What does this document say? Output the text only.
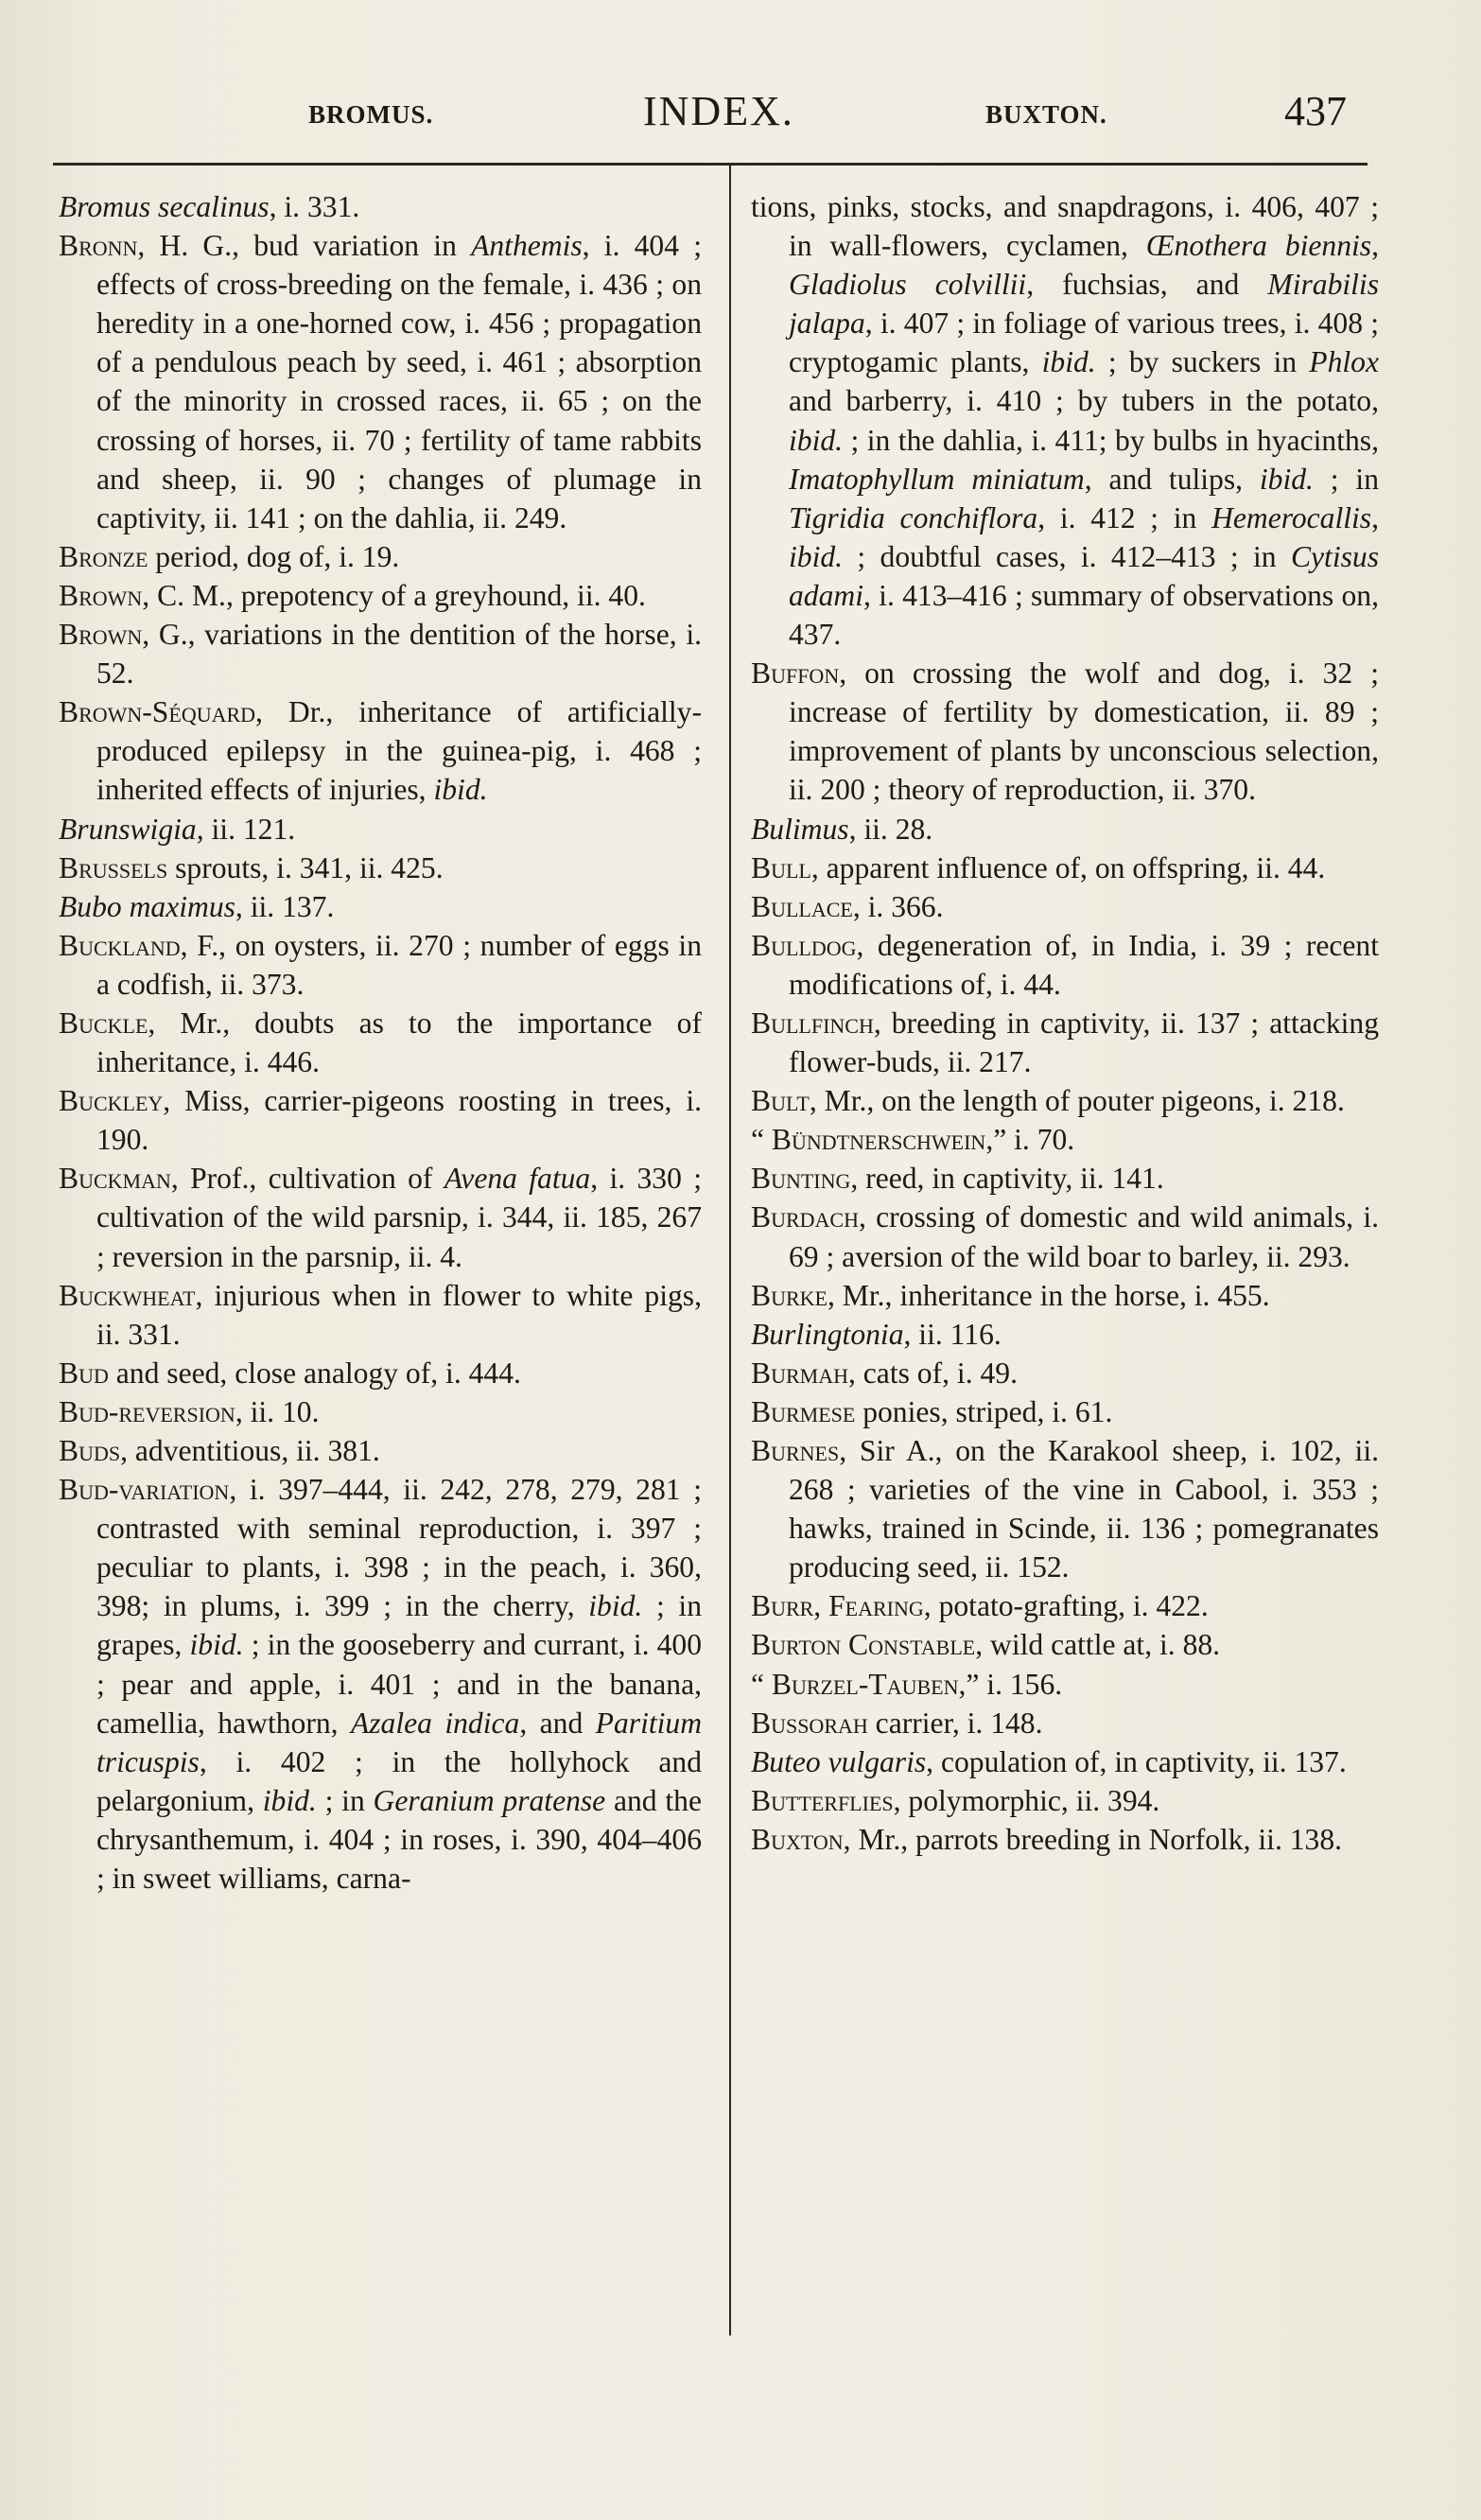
BROMUS.	INDEX.	BUXTON.	437

Bromus secalinus, i. 331.

Bronn, H. G., bud variation in Anthemis, i. 404 ; effects of cross-breeding on the female, i. 436 ; on heredity in a one-horned cow, i. 456 ; propagation of a pendulous peach by seed, i. 461 ; absorption of the minority in crossed races, ii. 65 ; on the crossing of horses, ii. 70 ; fertility of tame rabbits and sheep, ii. 90 ; changes of plumage in captivity, ii. 141 ; on the dahlia, ii. 249.

Bronze period, dog of, i. 19.

Brown, C. M., prepotency of a greyhound, ii. 40.

Brown, G., variations in the dentition of the horse, i. 52.

Brown-Séquard, Dr., inheritance of artificially-produced epilepsy in the guinea-pig, i. 468 ; inherited effects of injuries, ibid.

Brunswigia, ii. 121.

Brussels sprouts, i. 341, ii. 425.

Bubo maximus, ii. 137.

Buckland, F., on oysters, ii. 270 ; number of eggs in a codfish, ii. 373.

Buckle, Mr., doubts as to the importance of inheritance, i. 446.

Buckley, Miss, carrier-pigeons roosting in trees, i. 190.

Buckman, Prof., cultivation of Avena fatua, i. 330 ; cultivation of the wild parsnip, i. 344, ii. 185, 267 ; reversion in the parsnip, ii. 4.

Buckwheat, injurious when in flower to white pigs, ii. 331.

Bud and seed, close analogy of, i. 444.

Bud-reversion, ii. 10.

Buds, adventitious, ii. 381.

Bud-variation, i. 397–444, ii. 242, 278, 279, 281 ; contrasted with seminal reproduction, i. 397 ; peculiar to plants, i. 398 ; in the peach, i. 360, 398; in plums, i. 399 ; in the cherry, ibid. ; in grapes, ibid. ; in the gooseberry and currant, i. 400 ; pear and apple, i. 401 ; and in the banana, camellia, hawthorn, Azalea indica, and Paritium tricuspis, i. 402 ; in the hollyhock and pelargonium, ibid. ; in Geranium pratense and the chrysanthemum, i. 404 ; in roses, i. 390, 404–406 ; in sweet williams, carna-

tions, pinks, stocks, and snapdragons, i. 406, 407 ; in wall-flowers, cyclamen, Œnothera biennis, Gladiolus colvillii, fuchsias, and Mirabilis jalapa, i. 407 ; in foliage of various trees, i. 408 ; cryptogamic plants, ibid. ; by suckers in Phlox and barberry, i. 410 ; by tubers in the potato, ibid. ; in the dahlia, i. 411; by bulbs in hyacinths, Imatophyllum miniatum, and tulips, ibid. ; in Tigridia conchiflora, i. 412 ; in Hemerocallis, ibid. ; doubtful cases, i. 412–413 ; in Cytisus adami, i. 413–416 ; summary of observations on, 437.

Buffon, on crossing the wolf and dog, i. 32 ; increase of fertility by domestication, ii. 89 ; improvement of plants by unconscious selection, ii. 200 ; theory of reproduction, ii. 370.

Bulimus, ii. 28.

Bull, apparent influence of, on offspring, ii. 44.

Bullace, i. 366.

Bulldog, degeneration of, in India, i. 39 ; recent modifications of, i. 44.

Bullfinch, breeding in captivity, ii. 137 ; attacking flower-buds, ii. 217.

Bult, Mr., on the length of pouter pigeons, i. 218.

“ Bündtnerschwein,” i. 70.

Bunting, reed, in captivity, ii. 141.

Burdach, crossing of domestic and wild animals, i. 69 ; aversion of the wild boar to barley, ii. 293.

Burke, Mr., inheritance in the horse, i. 455.

Burlingtonia, ii. 116.

Burmah, cats of, i. 49.

Burmese ponies, striped, i. 61.

Burnes, Sir A., on the Karakool sheep, i. 102, ii. 268 ; varieties of the vine in Cabool, i. 353 ; hawks, trained in Scinde, ii. 136 ; pomegranates producing seed, ii. 152.

Burr, Fearing, potato-grafting, i. 422.

Burton Constable, wild cattle at, i. 88.

“ Burzel-Tauben,” i. 156.

Bussorah carrier, i. 148.

Buteo vulgaris, copulation of, in captivity, ii. 137.

Butterflies, polymorphic, ii. 394.

Buxton, Mr., parrots breeding in Norfolk, ii. 138.
